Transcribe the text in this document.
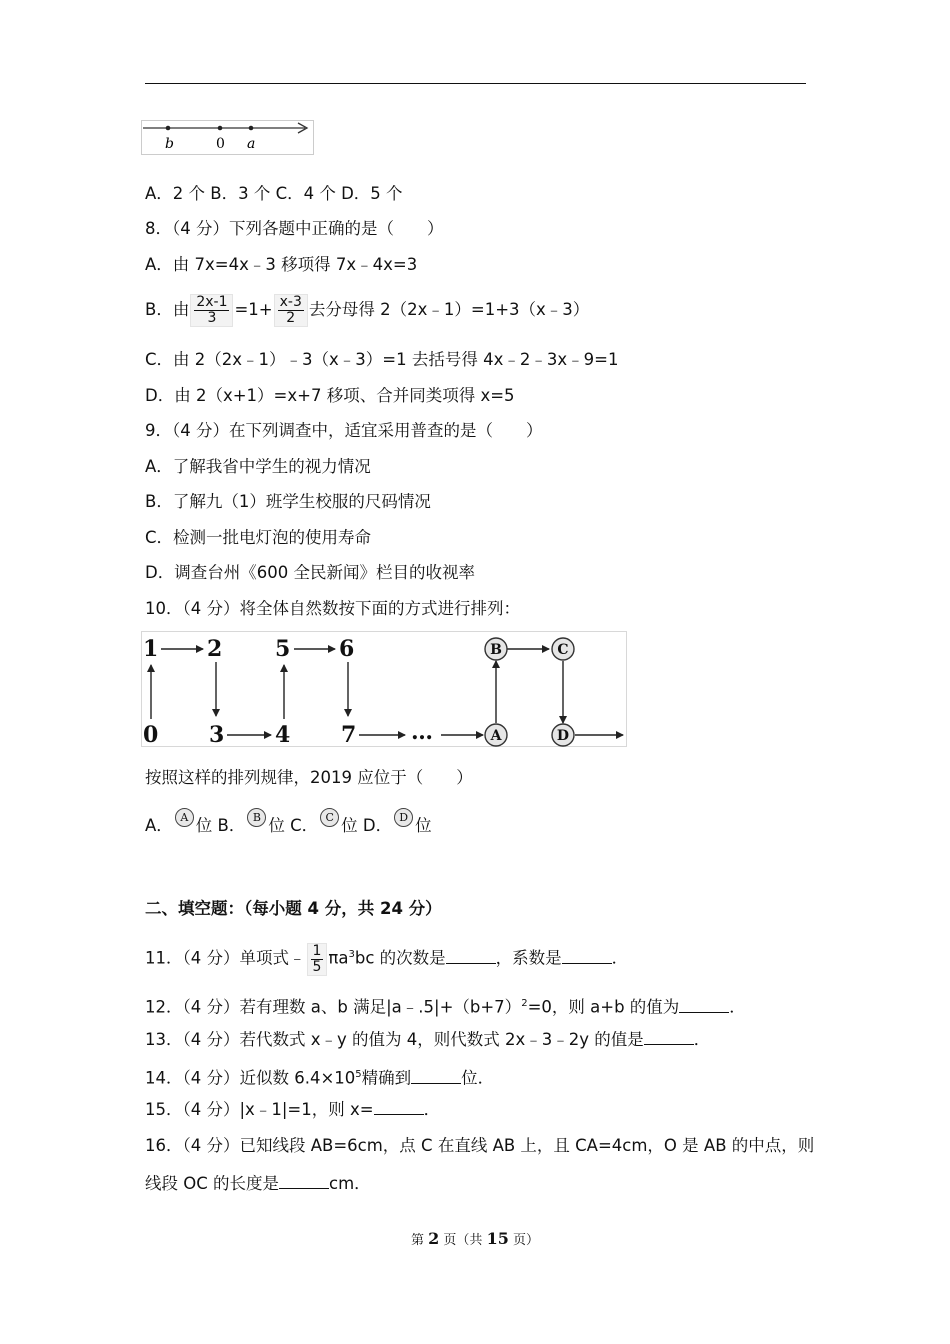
b	0 a
A．2 个 B．3 个 C．4 个 D．5 个
8．（4 分）下列各题中正确的是（　　）
A．由 7x=4x﹣3 移项得 7x﹣4x=3
B．由 $\frac{2x-1}{3} =1+ \frac{x-3}{2}$ 去分母得 2（2x﹣1）=1+3（x﹣3）
C．由 2（2x﹣1）﹣3（x﹣3）=1 去括号得 4x﹣2﹣3x﹣9=1
D．由 2（x+1）=x+7 移项、合并同类项得 x=5
9．（4 分）在下列调查中，适宜采用普查的是（　　）
A．了解我省中学生的视力情况
B．了解九（1）班学生校服的尺码情况
C．检测一批电灯泡的使用寿命
D．调查台州《600 全民新闻》栏目的收视率
10．（4 分）将全体自然数按下面的方式进行排列：
1 2 5 6
0 3 4 7 …
B	C
A	D
按照这样的排列规律，2019 应位于（　　）
A． A 位 B． B 位 C． C 位 D． D 位
二、填空题：（每小题 4 分，共 24 分）
11．（4 分）单项式﹣ $\frac{1}{5} \pi a^3bc$ 的次数是	，系数是	．
12．（4 分）若有理数 a、b 满足$|a﹣.5|+(b+7)^2=0$，则 a+b 的值为	．
13．（4 分）若代数式 x﹣y 的值为 4，则代数式 2x﹣3﹣2y 的值是	．
14．（4 分）近似数 $6.4\times 10^5$精确到	位．
15．（4 分）|x﹣1|=1，则 x=	．
16．（4 分）已知线段 AB=6cm，点 C 在直线 AB 上，且 CA=4cm，O 是 AB 的中点，则
线段 OC 的长度是	cm．
第 2 页（共 15 页）
